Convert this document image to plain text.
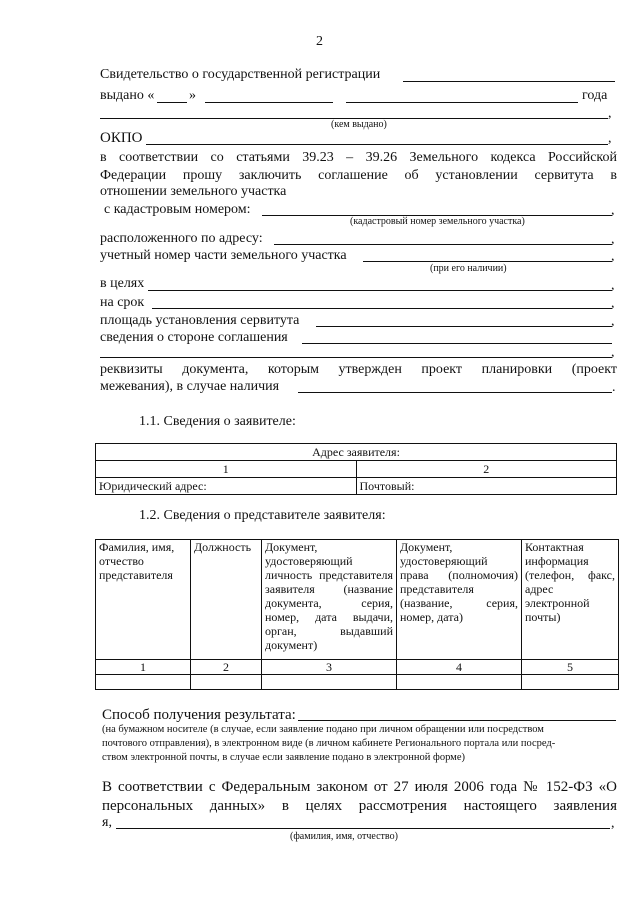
2
Свидетельство о государственной регистрации
выдано « »	года
,
(кем выдано)
ОКПО	,
в соответствии со статьями 39.23 – 39.26 Земельного кодекса Российской
Федерации прошу заключить соглашение об установлении сервитута в
отношении земельного участка
с кадастровым номером:	,
(кадастровый номер земельного участка)
расположенного по адресу:	,
учетный номер части земельного участка	,
(при его наличии)
в целях	,
на срок	,
площадь установления сервитута	,
сведения о стороне соглашения
,
реквизиты документа, которым утвержден проект планировки (проект
межевания), в случае наличия	.
1.1. Сведения о заявителе:
Адрес заявителя:	
1	2
Юридический адрес:	Почтовый:
1.2. Сведения о представителе заявителя:
Фамилия, имя, отчество представителя	Должность	Документ, удостоверяющий личность представителя заявителя (название документа, серия, номер, дата выдачи, орган, выдавший документ)	Документ, удостоверяющий права (полномочия) представителя (название, серия, номер, дата)	Контактная информация (телефон, факс, адрес электронной почты)
1	2	3	4	5

Способ получения результата:
(на бумажном носителе (в случае, если заявление подано при личном обращении или посредством
почтового отправления), в электронном виде (в личном кабинете Регионального портала или посред-
ством электронной почты, в случае если заявление подано в электронной форме)
В соответствии с Федеральным законом от 27 июля 2006 года № 152-ФЗ «О
персональных данных» в целях рассмотрения настоящего заявления
я,	,
(фамилия, имя, отчество)
